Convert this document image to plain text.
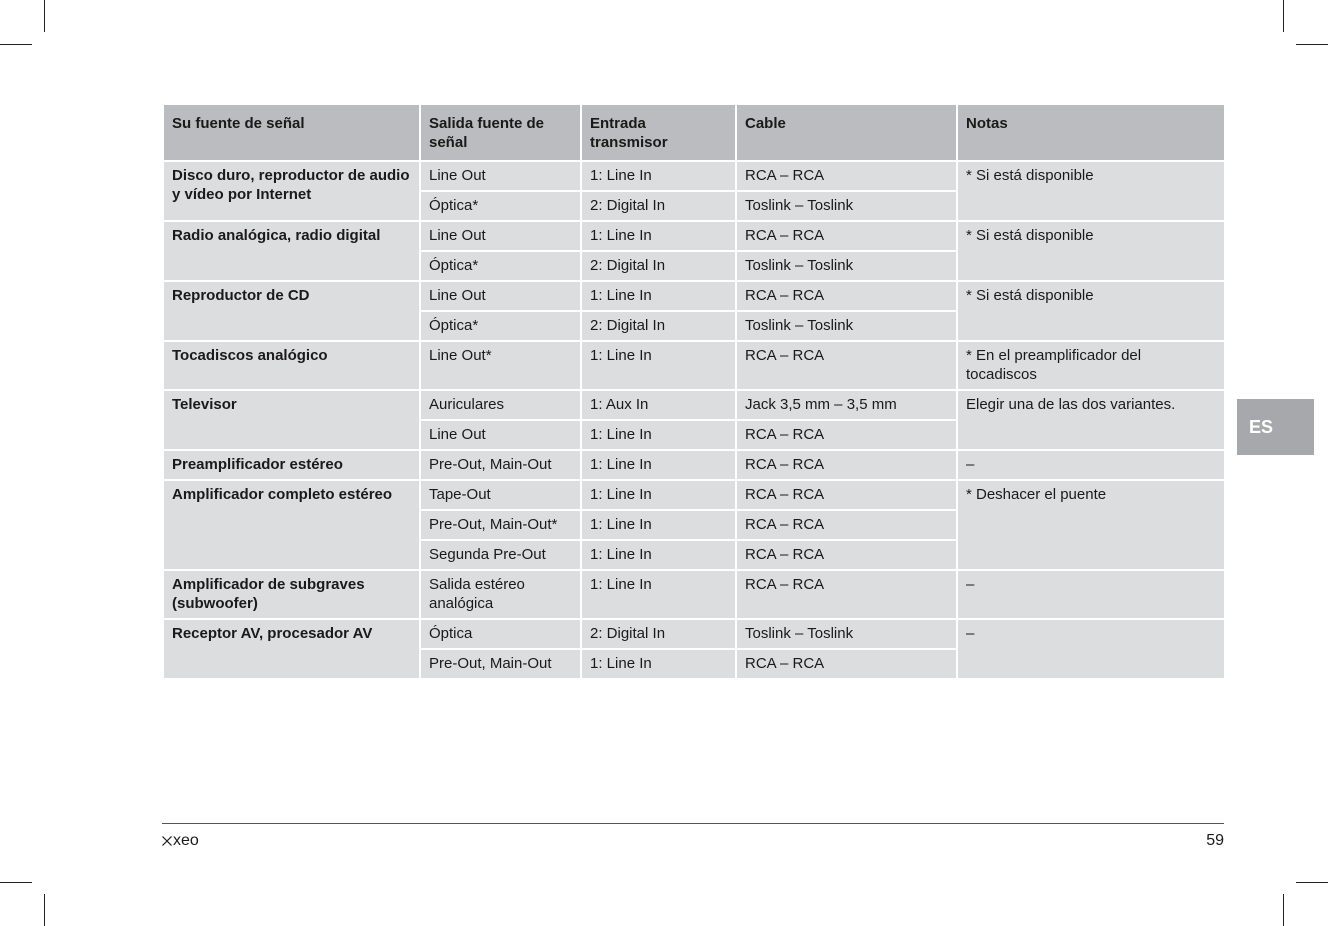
Su fuente de señal	Salida fuente de señal	Entrada transmisor	Cable	Notas
Disco duro, reproductor de audio y vídeo por Internet	Line Out	1: Line In	RCA – RCA	* Si está disponible
	Óptica*	2: Digital In	Toslink – Toslink	
Radio analógica, radio digital	Line Out	1: Line In	RCA – RCA	* Si está disponible
	Óptica*	2: Digital In	Toslink – Toslink	
Reproductor de CD	Line Out	1: Line In	RCA – RCA	* Si está disponible
	Óptica*	2: Digital In	Toslink – Toslink	
Tocadiscos analógico	Line Out*	1: Line In	RCA – RCA	* En el preamplificador del tocadiscos
Televisor	Auriculares	1: Aux In	Jack 3,5 mm – 3,5 mm	Elegir una de las dos variantes.
	Line Out	1: Line In	RCA – RCA	
Preamplificador estéreo	Pre-Out, Main-Out	1: Line In	RCA – RCA	–
Amplificador completo estéreo	Tape-Out	1: Line In	RCA – RCA	* Deshacer el puente
	Pre-Out, Main-Out*	1: Line In	RCA – RCA	
	Segunda Pre-Out	1: Line In	RCA – RCA	
Amplificador de subgraves (subwoofer)	Salida estéreo analógica	1: Line In	RCA – RCA	–
Receptor AV, procesador AV	Óptica	2: Digital In	Toslink – Toslink	–
	Pre-Out, Main-Out	1: Line In	RCA – RCA	
ES
xeo	59
